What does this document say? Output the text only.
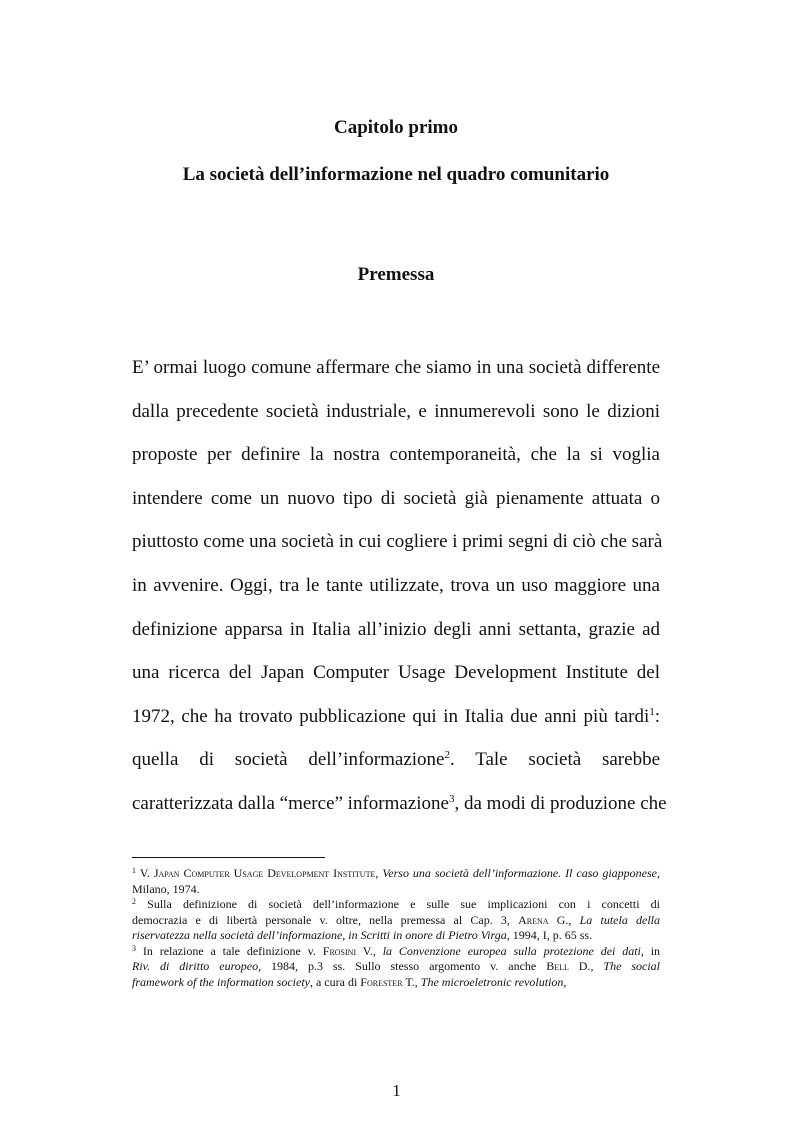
Capitolo primo
La società dell’informazione nel quadro comunitario
Premessa
E’ ormai luogo comune affermare che siamo in una società differente
dalla precedente società industriale, e innumerevoli sono le dizioni
proposte per definire la nostra contemporaneità, che la si voglia
intendere come un nuovo tipo di società già pienamente attuata o
piuttosto come una società in cui cogliere i primi segni di ciò che sarà
in avvenire. Oggi, tra le tante utilizzate, trova un uso maggiore una
definizione apparsa in Italia all’inizio degli anni settanta, grazie ad
una ricerca del Japan Computer Usage Development Institute del
1972, che ha trovato pubblicazione qui in Italia due anni più tardi$^1$:
quella di società dell’informazione$^2$. Tale società sarebbe
caratterizzata dalla “merce” informazione$^3$, da modi di produzione che
$^1$ V. Japan Computer Usage Development Institute, Verso una società dell’informazione. Il caso giapponese,
Milano, 1974.
$^2$ Sulla definizione di società dell’informazione e sulle sue implicazioni con i concetti di
democrazia e di libertà personale v. oltre, nella premessa al Cap. 3, Arena G., La tutela della
riservatezza nella società dell’informazione, in Scritti in onore di Pietro Virga, 1994, I, p. 65 ss.
$^3$ In relazione a tale definizione v. Frosini V., la Convenzione europea sulla protezione dei dati, in
Riv. di diritto europeo, 1984, p.3 ss. Sullo stesso argomento v. anche Bell D., The social
framework of the information society, a cura di Forester T., The microeletronic revolution,
1
